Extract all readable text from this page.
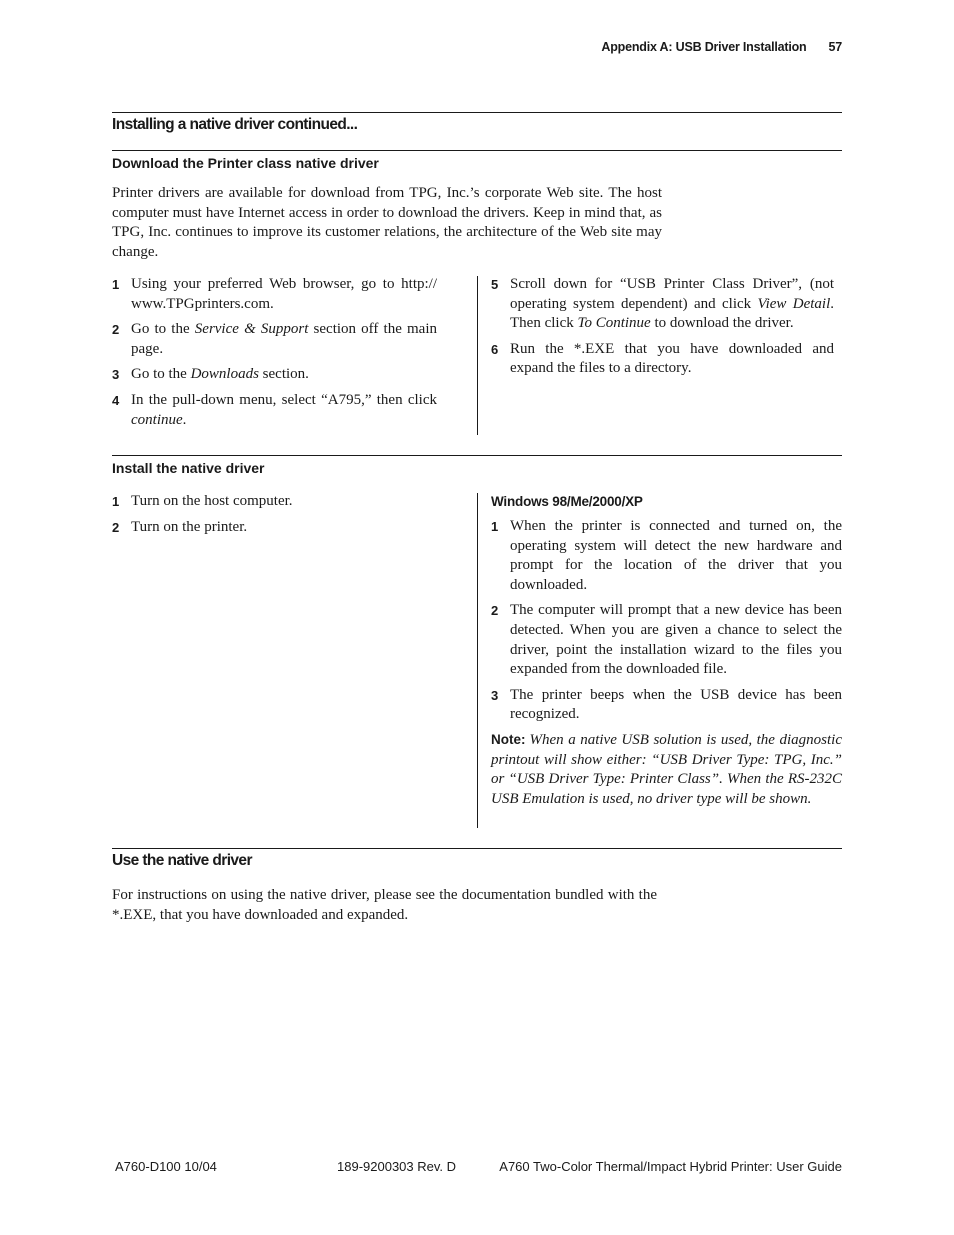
Appendix A: USB Driver Installation 57
Installing a native driver continued...
Download the Printer class native driver
Printer drivers are available for download from TPG, Inc.’s corporate Web site. The host computer must have Internet access in order to download the drivers. Keep in mind that, as TPG, Inc. continues to improve its customer relations, the architecture of the Web site may change.
1 Using your preferred Web browser, go to http:// www.TPGprinters.com.
2 Go to the Service & Support section off the main page.
3 Go to the Downloads section.
4 In the pull-down menu, select “A795,” then click continue.
5 Scroll down for “USB Printer Class Driver”, (not operating system dependent) and click View Detail. Then click To Continue to download the driver.
6 Run the *.EXE that you have downloaded and expand the files to a directory.
Install the native driver
1 Turn on the host computer.
2 Turn on the printer.
Windows 98/Me/2000/XP
1 When the printer is connected and turned on, the operating system will detect the new hardware and prompt for the location of the driver that you downloaded.
2 The computer will prompt that a new device has been detected. When you are given a chance to select the driver, point the installation wizard to the files you expanded from the downloaded file.
3 The printer beeps when the USB device has been recognized.
Note: When a native USB solution is used, the diagnostic printout will show either: “USB Driver Type: TPG, Inc.” or “USB Driver Type: Printer Class”. When the RS-232C USB Emulation is used, no driver type will be shown.
Use the native driver
For instructions on using the native driver, please see the documentation bundled with the *.EXE, that you have downloaded and expanded.
A760-D100 10/04	189-9200303 Rev. D	A760 Two-Color Thermal/Impact Hybrid Printer: User Guide
